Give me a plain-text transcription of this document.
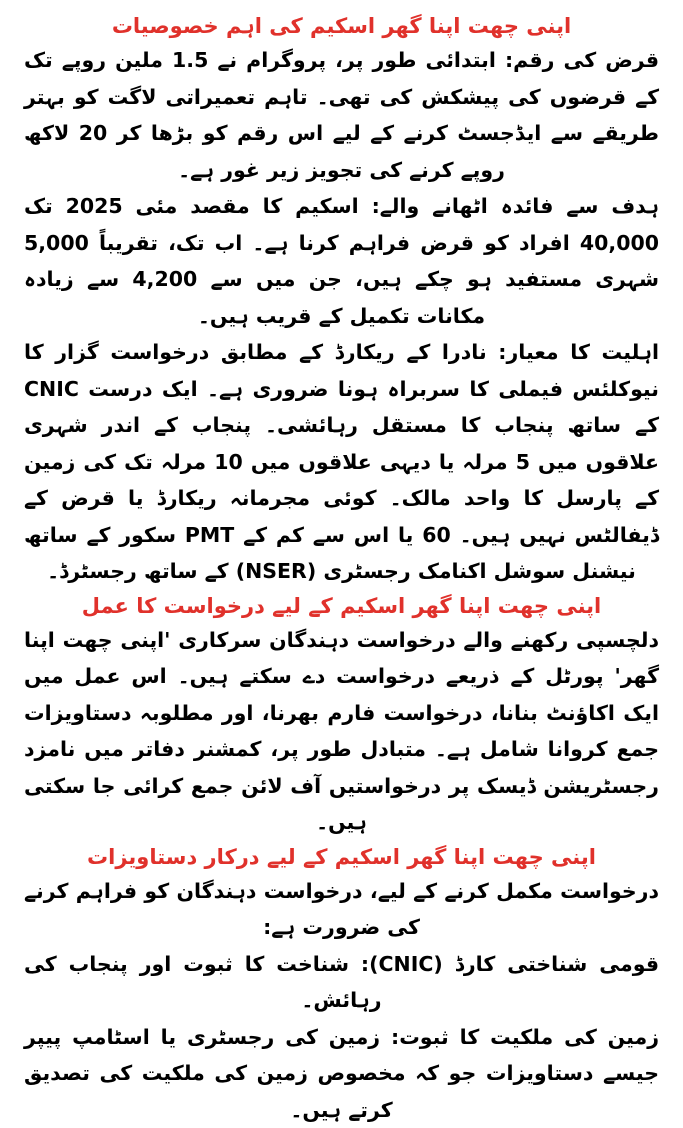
اپنی چھت اپنا گھر اسکیم کی اہم خصوصیات

قرض کی رقم: ابتدائی طور پر، پروگرام نے 1.5 ملین روپے تک کے قرضوں کی پیشکش کی تھی۔ تاہم تعمیراتی لاگت کو بہتر طریقے سے ایڈجسٹ کرنے کے لیے اس رقم کو بڑھا کر 20 لاکھ روپے کرنے کی تجویز زیر غور ہے۔

ہدف سے فائدہ اٹھانے والے: اسکیم کا مقصد مئی 2025 تک 40,000 افراد کو قرض فراہم کرنا ہے۔ اب تک، تقریباً 5,000 شہری مستفید ہو چکے ہیں، جن میں سے 4,200 سے زیادہ مکانات تکمیل کے قریب ہیں۔

اہلیت کا معیار: نادرا کے ریکارڈ کے مطابق درخواست گزار کا نیوکلئس فیملی کا سربراہ ہونا ضروری ہے۔ ایک درست CNIC کے ساتھ پنجاب کا مستقل رہائشی۔ پنجاب کے اندر شہری علاقوں میں 5 مرلہ یا دیہی علاقوں میں 10 مرلہ تک کی زمین کے پارسل کا واحد مالک۔ کوئی مجرمانہ ریکارڈ یا قرض کے ڈیفالٹس نہیں ہیں۔ 60 یا اس سے کم کے PMT سکور کے ساتھ نیشنل سوشل اکنامک رجسٹری (NSER) کے ساتھ رجسٹرڈ۔

اپنی چھت اپنا گھر اسکیم کے لیے درخواست کا عمل

دلچسپی رکھنے والے درخواست دہندگان سرکاری 'اپنی چھت اپنا گھر' پورٹل کے ذریعے درخواست دے سکتے ہیں۔ اس عمل میں ایک اکاؤنٹ بنانا، درخواست فارم بھرنا، اور مطلوبہ دستاویزات جمع کروانا شامل ہے۔ متبادل طور پر، کمشنر دفاتر میں نامزد رجسٹریشن ڈیسک پر درخواستیں آف لائن جمع کرائی جا سکتی ہیں۔

اپنی چھت اپنا گھر اسکیم کے لیے درکار دستاویزات

درخواست مکمل کرنے کے لیے، درخواست دہندگان کو فراہم کرنے کی ضرورت ہے:

قومی شناختی کارڈ (CNIC): شناخت کا ثبوت اور پنجاب کی رہائش۔

زمین کی ملکیت کا ثبوت: زمین کی رجسٹری یا اسٹامپ پیپر جیسے دستاویزات جو کہ مخصوص زمین کی ملکیت کی تصدیق کرتے ہیں۔
